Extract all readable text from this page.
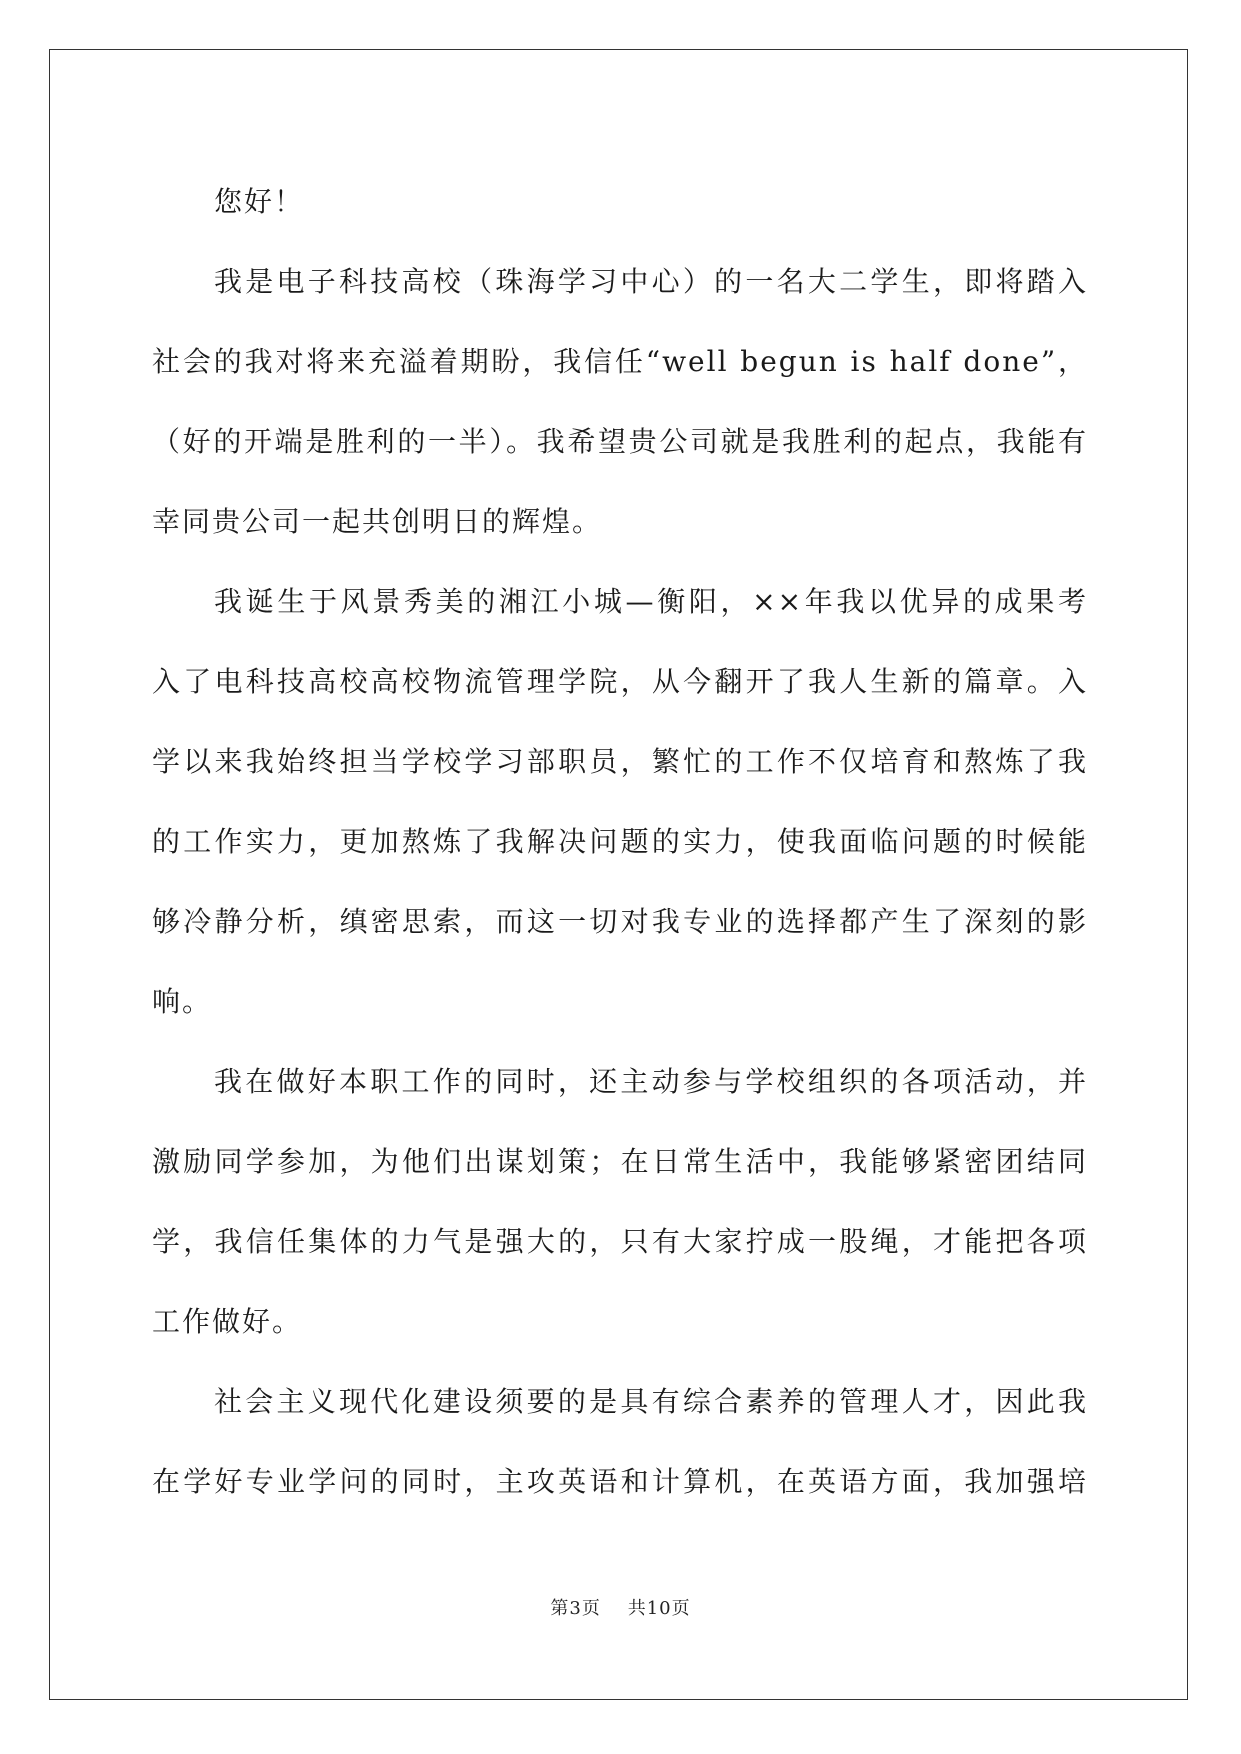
您好！
我是电子科技高校（珠海学习中心）的一名大二学生，即将踏入
社会的我对将来充溢着期盼，我信任“well begun is half done”，
（好的开端是胜利的一半）。我希望贵公司就是我胜利的起点，我能有
幸同贵公司一起共创明日的辉煌。
我诞生于风景秀美的湘江小城—衡阳，××年我以优异的成果考
入了电科技高校高校物流管理学院，从今翻开了我人生新的篇章。入
学以来我始终担当学校学习部职员，繁忙的工作不仅培育和熬炼了我
的工作实力，更加熬炼了我解决问题的实力，使我面临问题的时候能
够冷静分析，缜密思索，而这一切对我专业的选择都产生了深刻的影
响。
我在做好本职工作的同时，还主动参与学校组织的各项活动，并
激励同学参加，为他们出谋划策；在日常生活中，我能够紧密团结同
学，我信任集体的力气是强大的，只有大家拧成一股绳，才能把各项
工作做好。
社会主义现代化建设须要的是具有综合素养的管理人才，因此我
在学好专业学问的同时，主攻英语和计算机，在英语方面，我加强培
第3页 共10页
